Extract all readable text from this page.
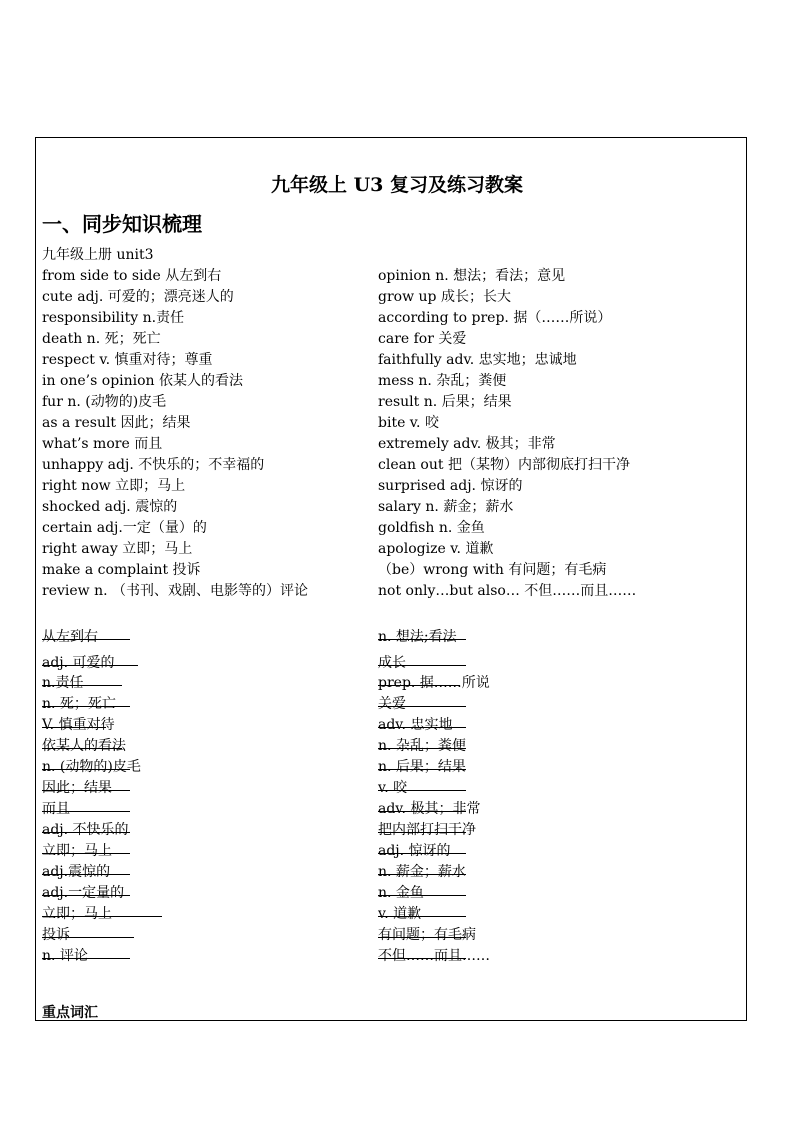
九年级上 U3 复习及练习教案
一、同步知识梳理
九年级上册 unit3
from side to side 从左到右	opinion n. 想法；看法；意见
cute adj. 可爱的；漂亮迷人的	grow up 成长；长大
responsibility n.责任	according to prep. 据（……所说）
death n. 死；死亡	care for 关爱
respect v. 慎重对待；尊重	faithfully adv. 忠实地；忠诚地
in one’s opinion 依某人的看法	mess n. 杂乱；粪便
fur n. (动物的)皮毛	result n. 后果；结果
as a result 因此；结果	bite v. 咬
what’s more 而且	extremely adv. 极其；非常
unhappy adj. 不快乐的；不幸福的	clean out 把（某物）内部彻底打扫干净
right now 立即；马上	surprised adj. 惊讶的
shocked adj. 震惊的	salary n. 薪金；薪水
certain adj.一定（量）的	goldfish n. 金鱼
right away 立即；马上	apologize v. 道歉
make a complaint 投诉	（be）wrong with 有问题；有毛病
review n. （书刊、戏剧、电影等的）评论	not only…but also… 不但……而且……
从左到右	n. 想法;看法
adj. 可爱的	成长
n.责任	prep. 据……所说
n. 死；死亡	关爱
V. 慎重对待	adv. 忠实地
依某人的看法	n. 杂乱；粪便
n. (动物的)皮毛	n. 后果；结果
因此；结果	v. 咬
而且	adv. 极其；非常
adj. 不快乐的	把内部打扫干净
立即；马上	adj. 惊讶的
adj.震惊的	n. 薪金；薪水
adj.一定量的	n. 金鱼
立即；马上	v. 道歉
投诉	有问题；有毛病
n. 评论	不但……而且……
重点词汇
